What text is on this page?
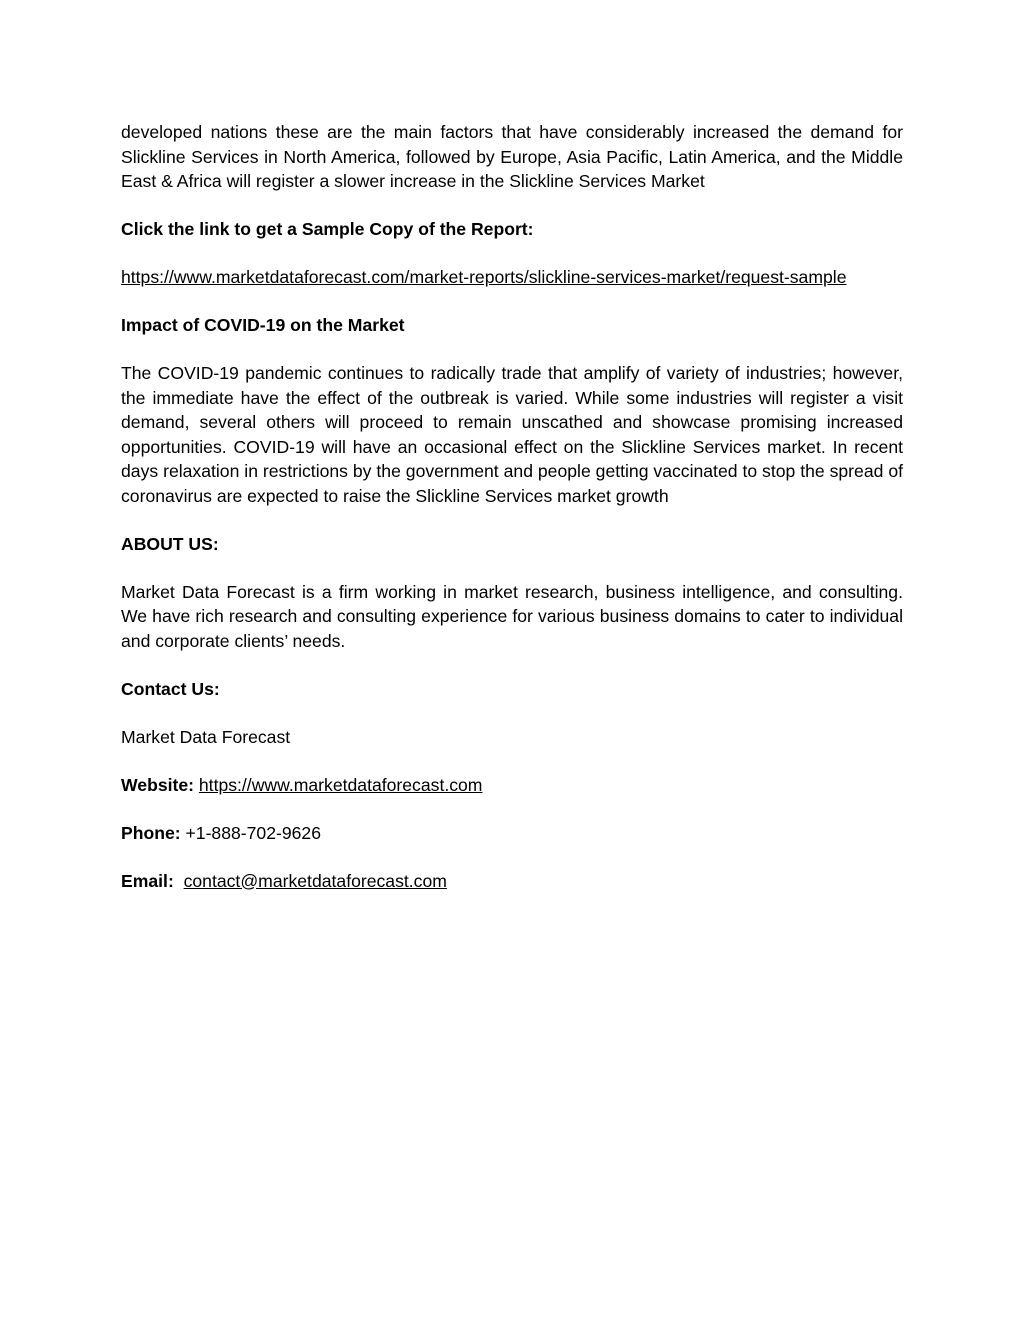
developed nations these are the main factors that have considerably increased the demand for Slickline Services in North America, followed by Europe, Asia Pacific, Latin America, and the Middle East & Africa will register a slower increase in the Slickline Services Market

Click the link to get a Sample Copy of the Report:

https://www.marketdataforecast.com/market-reports/slickline-services-market/request-sample

Impact of COVID-19 on the Market

The COVID-19 pandemic continues to radically trade that amplify of variety of industries; however, the immediate have the effect of the outbreak is varied. While some industries will register a visit demand, several others will proceed to remain unscathed and showcase promising increased opportunities. COVID-19 will have an occasional effect on the Slickline Services market. In recent days relaxation in restrictions by the government and people getting vaccinated to stop the spread of coronavirus are expected to raise the Slickline Services market growth

ABOUT US:

Market Data Forecast is a firm working in market research, business intelligence, and consulting. We have rich research and consulting experience for various business domains to cater to individual and corporate clients’ needs.

Contact Us:

Market Data Forecast

Website: https://www.marketdataforecast.com

Phone: +1-888-702-9626

Email: contact@marketdataforecast.com
